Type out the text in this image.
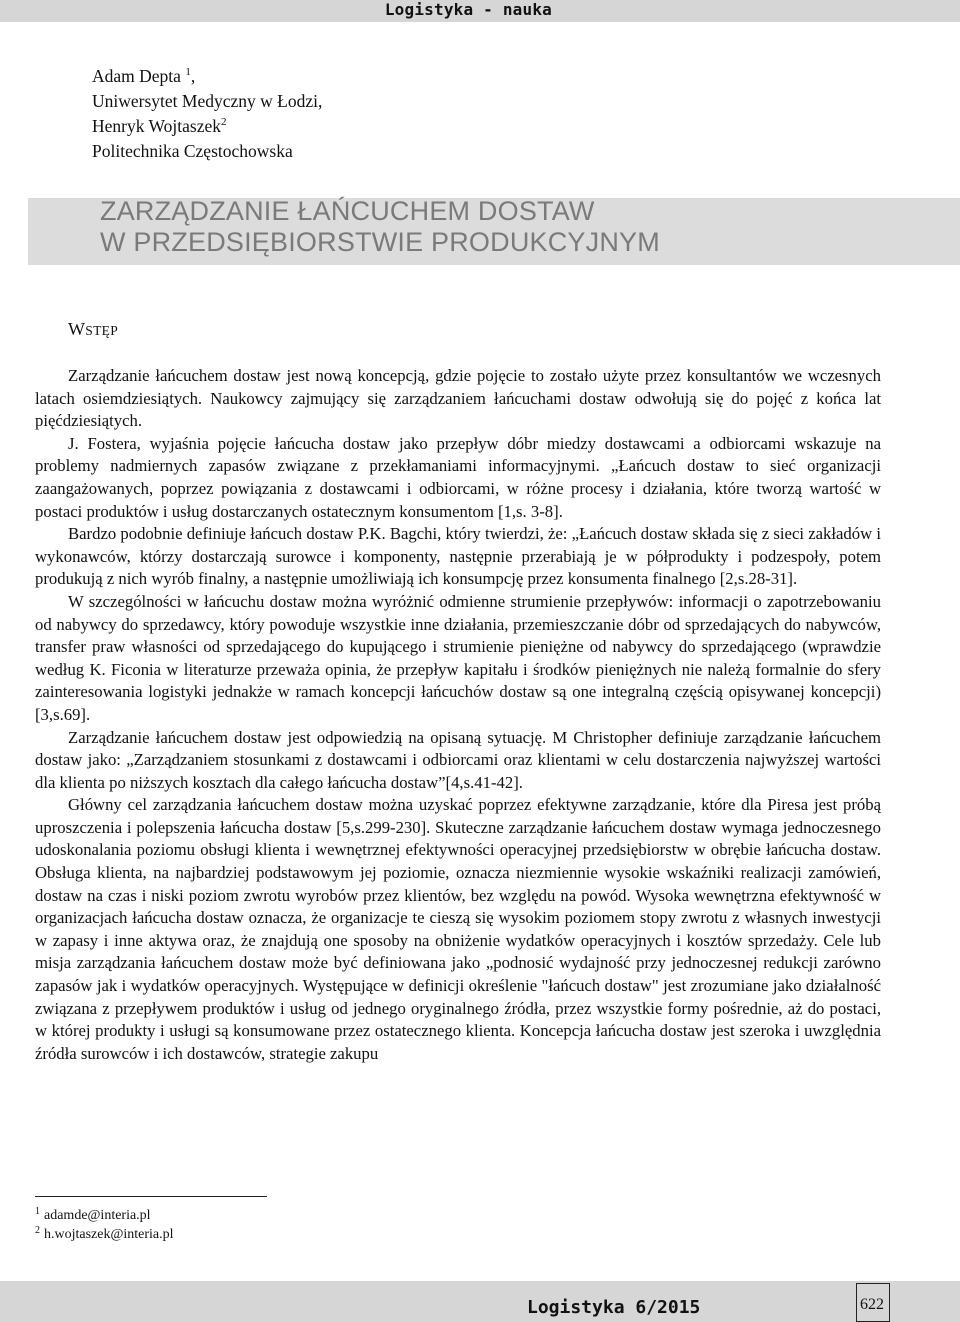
Logistyka - nauka
Adam Depta $^1$,
Uniwersytet Medyczny w Łodzi,
Henryk Wojtaszek$^2$
Politechnika Częstochowska
ZARZĄDZANIE ŁAŃCUCHEM DOSTAW
W PRZEDSIĘBIORSTWIE PRODUKCYJNYM
WSTĘP

Zarządzanie łańcuchem dostaw jest nową koncepcją, gdzie pojęcie to zostało użyte przez konsultantów we wczesnych latach osiemdziesiątych. Naukowcy zajmujący się zarządzaniem łańcuchami dostaw odwołują się do pojęć z końca lat pięćdziesiątych.

J. Fostera, wyjaśnia pojęcie łańcucha dostaw jako przepływ dóbr miedzy dostawcami a odbiorcami wskazuje na problemy nadmiernych zapasów związane z przekłamaniami informacyjnymi. „Łańcuch dostaw to sieć organizacji zaangażowanych, poprzez powiązania z dostawcami i odbiorcami, w różne procesy i działania, które tworzą wartość w postaci produktów i usług dostarczanych ostatecznym konsumentom [1,s. 3-8].

Bardzo podobnie definiuje łańcuch dostaw P.K. Bagchi, który twierdzi, że: „Łańcuch dostaw składa się z sieci zakładów i wykonawców, którzy dostarczają surowce i komponenty, następnie przerabiają je w półprodukty i podzespoły, potem produkują z nich wyrób finalny, a następnie umożliwiają ich konsumpcję przez konsumenta finalnego [2,s.28-31].

W szczególności w łańcuchu dostaw można wyróżnić odmienne strumienie przepływów: informacji o zapotrzebowaniu od nabywcy do sprzedawcy, który powoduje wszystkie inne działania, przemieszczanie dóbr od sprzedających do nabywców, transfer praw własności od sprzedającego do kupującego i strumienie pieniężne od nabywcy do sprzedającego (wprawdzie według K. Ficonia w literaturze przeważa opinia, że przepływ kapitału i środków pieniężnych nie należą formalnie do sfery zainteresowania logistyki jednakże w ramach koncepcji łańcuchów dostaw są one integralną częścią opisywanej koncepcji) [3,s.69].

Zarządzanie łańcuchem dostaw jest odpowiedzią na opisaną sytuację. M Christopher definiuje zarządzanie łańcuchem dostaw jako: „Zarządzaniem stosunkami z dostawcami i odbiorcami oraz klientami w celu dostarczenia najwyższej wartości dla klienta po niższych kosztach dla całego łańcucha dostaw”[4,s.41-42].

Główny cel zarządzania łańcuchem dostaw można uzyskać poprzez efektywne zarządzanie, które dla Piresa jest próbą uproszczenia i polepszenia łańcucha dostaw [5,s.299-230]. Skuteczne zarządzanie łańcuchem dostaw wymaga jednoczesnego udoskonalania poziomu obsługi klienta i wewnętrznej efektywności operacyjnej przedsiębiorstw w obrębie łańcucha dostaw. Obsługa klienta, na najbardziej podstawowym jej poziomie, oznacza niezmiennie wysokie wskaźniki realizacji zamówień, dostaw na czas i niski poziom zwrotu wyrobów przez klientów, bez względu na powód. Wysoka wewnętrzna efektywność w organizacjach łańcucha dostaw oznacza, że organizacje te cieszą się wysokim poziomem stopy zwrotu z własnych inwestycji w zapasy i inne aktywa oraz, że znajdują one sposoby na obniżenie wydatków operacyjnych i kosztów sprzedaży. Cele lub misja zarządzania łańcuchem dostaw może być definiowana jako „podnosić wydajność przy jednoczesnej redukcji zarówno zapasów jak i wydatków operacyjnych. Występujące w definicji określenie "łańcuch dostaw" jest zrozumiane jako działalność związana z przepływem produktów i usług od jednego oryginalnego źródła, przez wszystkie formy pośrednie, aż do postaci, w której produkty i usługi są konsumowane przez ostatecznego klienta. Koncepcja łańcucha dostaw jest szeroka i uwzględnia źródła surowców i ich dostawców, strategie zakupu

$^1$ adamde@interia.pl
$^2$ h.wojtaszek@interia.pl
Logistyka 6/2015	622
